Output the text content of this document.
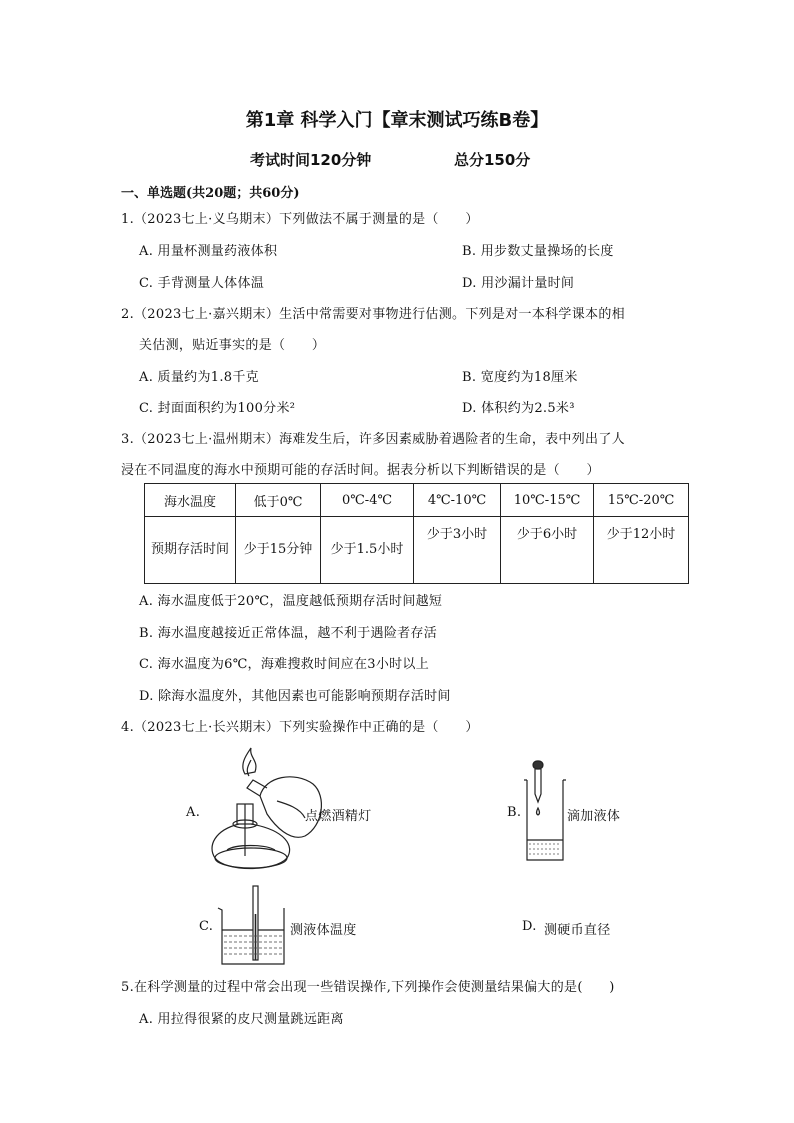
第1章 科学入门【章末测试巧练B卷】
考试时间120分钟	总分150分
一、单选题(共20题；共60分)
1.（2023七上·义乌期末）下列做法不属于测量的是（　　）
A. 用量杯测量药液体积	B. 用步数丈量操场的长度
C. 手背测量人体体温	D. 用沙漏计量时间
2.（2023七上·嘉兴期末）生活中常需要对事物进行估测。下列是对一本科学课本的相
关估测，贴近事实的是（　　）
A. 质量约为1.8千克	B. 宽度约为18厘米
C. 封面面积约为100分米²	D. 体积约为2.5米³
3.（2023七上·温州期末）海难发生后，许多因素威胁着遇险者的生命，表中列出了人
浸在不同温度的海水中预期可能的存活时间。据表分析以下判断错误的是（　　）
海水温度	低于0℃	0℃-4℃	4℃-10℃	10℃-15℃	15℃-20℃
预期存活时间	少于15分钟	少于1.5小时	少于3小时	少于6小时	少于12小时
A. 海水温度低于20℃，温度越低预期存活时间越短
B. 海水温度越接近正常体温，越不利于遇险者存活
C. 海水温度为6℃，海难搜救时间应在3小时以上
D. 除海水温度外，其他因素也可能影响预期存活时间
4.（2023七上·长兴期末）下列实验操作中正确的是（　　）
A.	点燃酒精灯	B.	滴加液体
C.	测液体温度	D. 测硬币直径
5.在科学测量的过程中常会出现一些错误操作,下列操作会使测量结果偏大的是(　　)
A. 用拉得很紧的皮尺测量跳远距离
